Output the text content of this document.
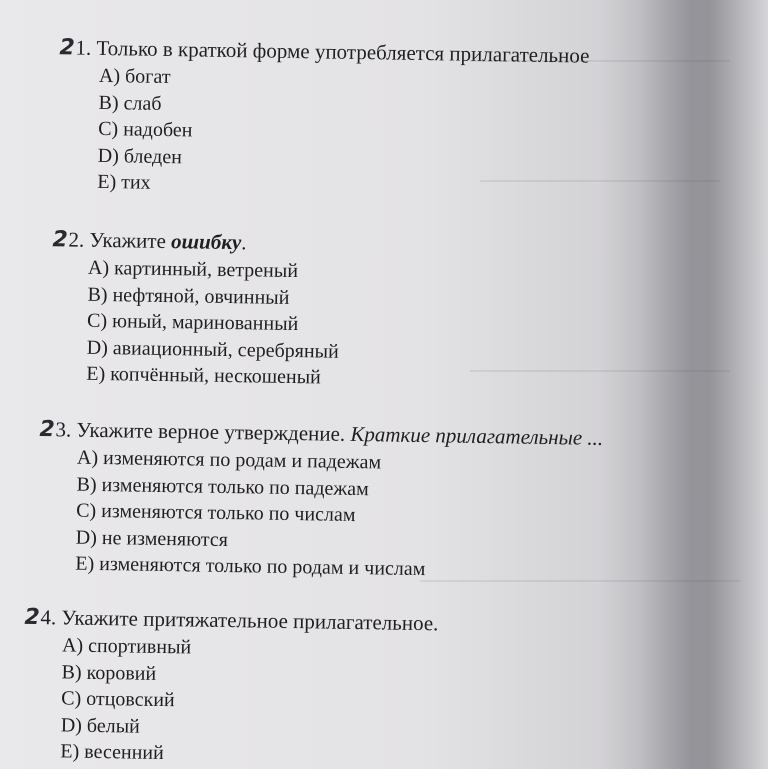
21. Только в краткой форме употребляется прилагательное
A) богат
B) слаб
C) надобен
D) бледен
E) тих
22. Укажите ошибку.
A) картинный, ветреный
B) нефтяной, овчинный
C) юный, маринованный
D) авиационный, серебряный
E) копчённый, нескошеный
23. Укажите верное утверждение. Краткие прилагательные ...
A) изменяются по родам и падежам
B) изменяются только по падежам
C) изменяются только по числам
D) не изменяются
E) изменяются только по родам и числам
24. Укажите притяжательное прилагательное.
A) спортивный
B) коровий
C) отцовский
D) белый
E) весенний
